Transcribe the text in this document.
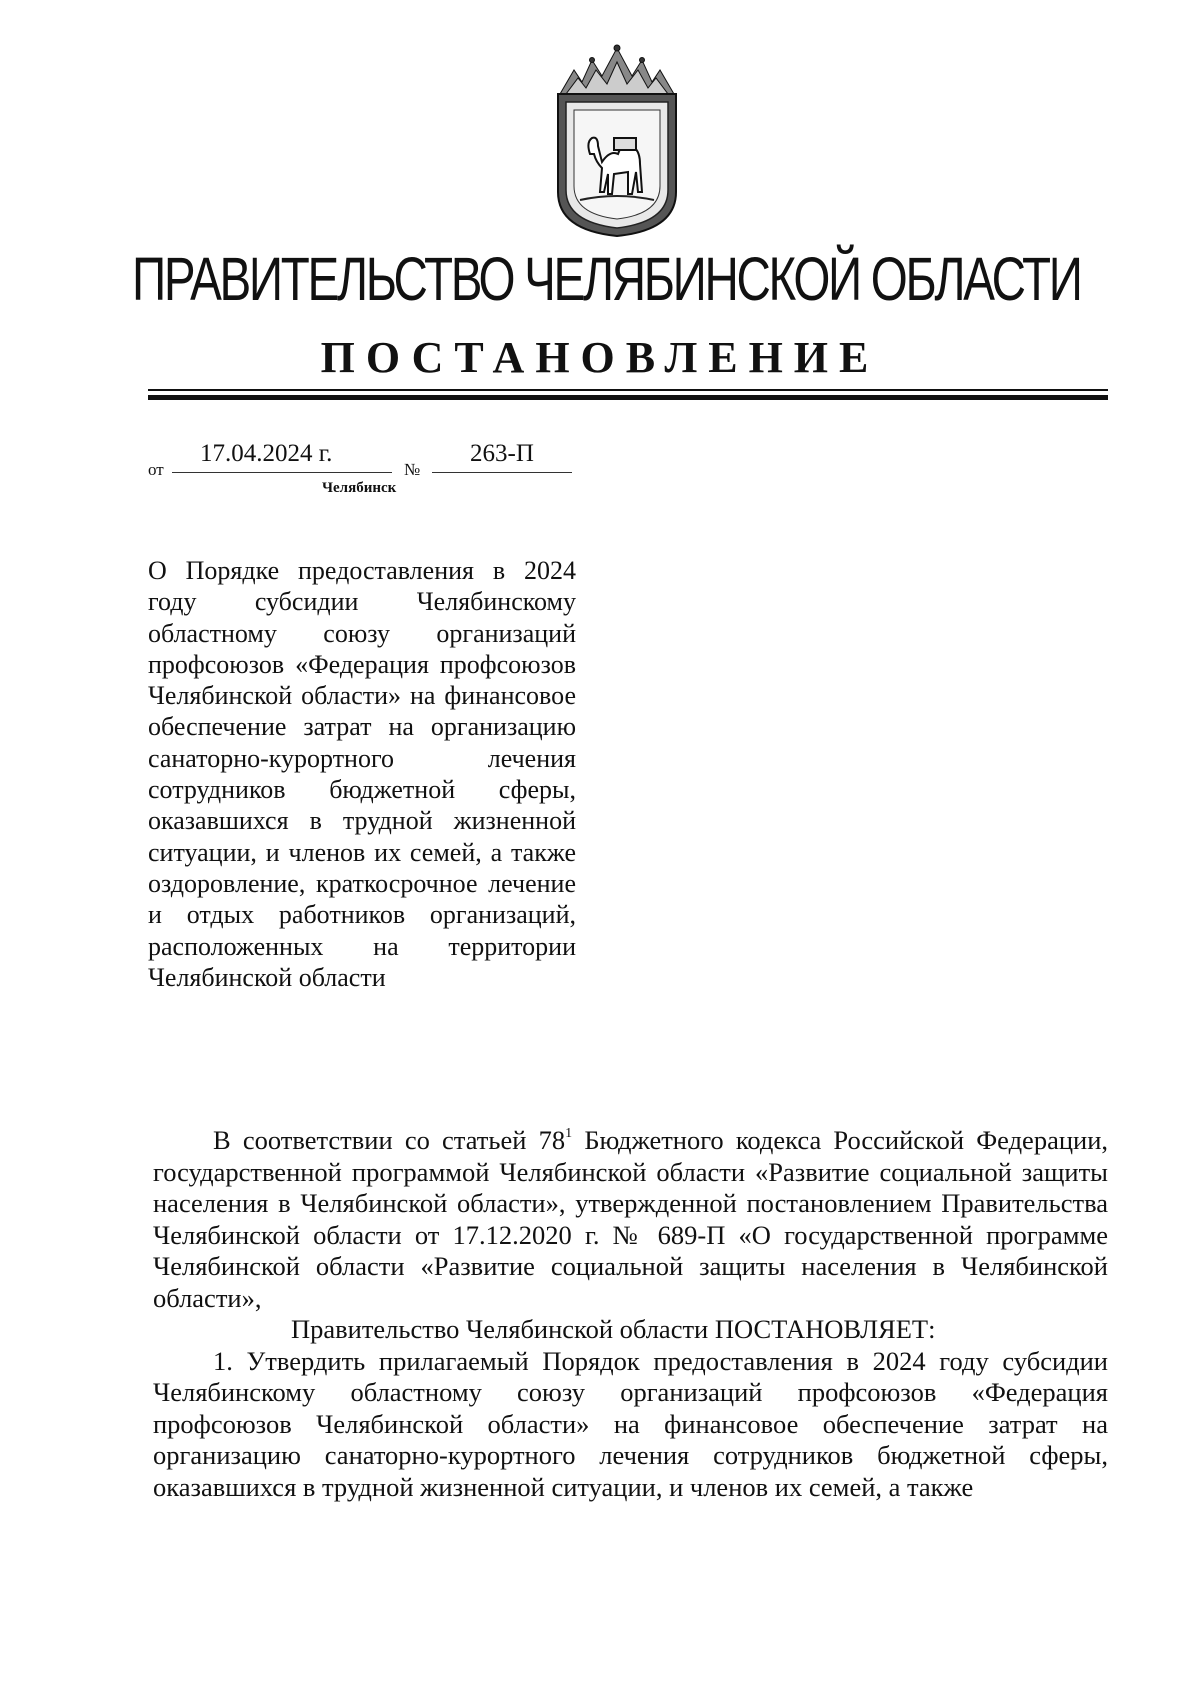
ПРАВИТЕЛЬСТВО ЧЕЛЯБИНСКОЙ ОБЛАСТИ
ПОСТАНОВЛЕНИЕ
от
17.04.2024 г.
№
263-П
Челябинск
О Порядке предоставления в 2024 году субсидии Челябинскому областному союзу организаций профсоюзов «Федерация профсоюзов Челябинской области» на финансовое обеспечение затрат на организацию санаторно-курортного лечения сотрудников бюджетной сферы, оказавшихся в трудной жизненной ситуации, и членов их семей, а также оздоровление, краткосрочное лечение и отдых работников организаций, расположенных на территории Челябинской области

В соответствии со статьей $78^1$ Бюджетного кодекса Российской Федерации, государственной программой Челябинской области «Развитие социальной защиты населения в Челябинской области», утвержденной постановлением Правительства Челябинской области от 17.12.2020 г. № 689-П «О государственной программе Челябинской области «Развитие социальной защиты населения в Челябинской области»,

Правительство Челябинской области ПОСТАНОВЛЯЕТ:

1. Утвердить прилагаемый Порядок предоставления в 2024 году субсидии Челябинскому областному союзу организаций профсоюзов «Федерация профсоюзов Челябинской области» на финансовое обеспечение затрат на организацию санаторно-курортного лечения сотрудников бюджетной сферы, оказавшихся в трудной жизненной ситуации, и членов их семей, а также
